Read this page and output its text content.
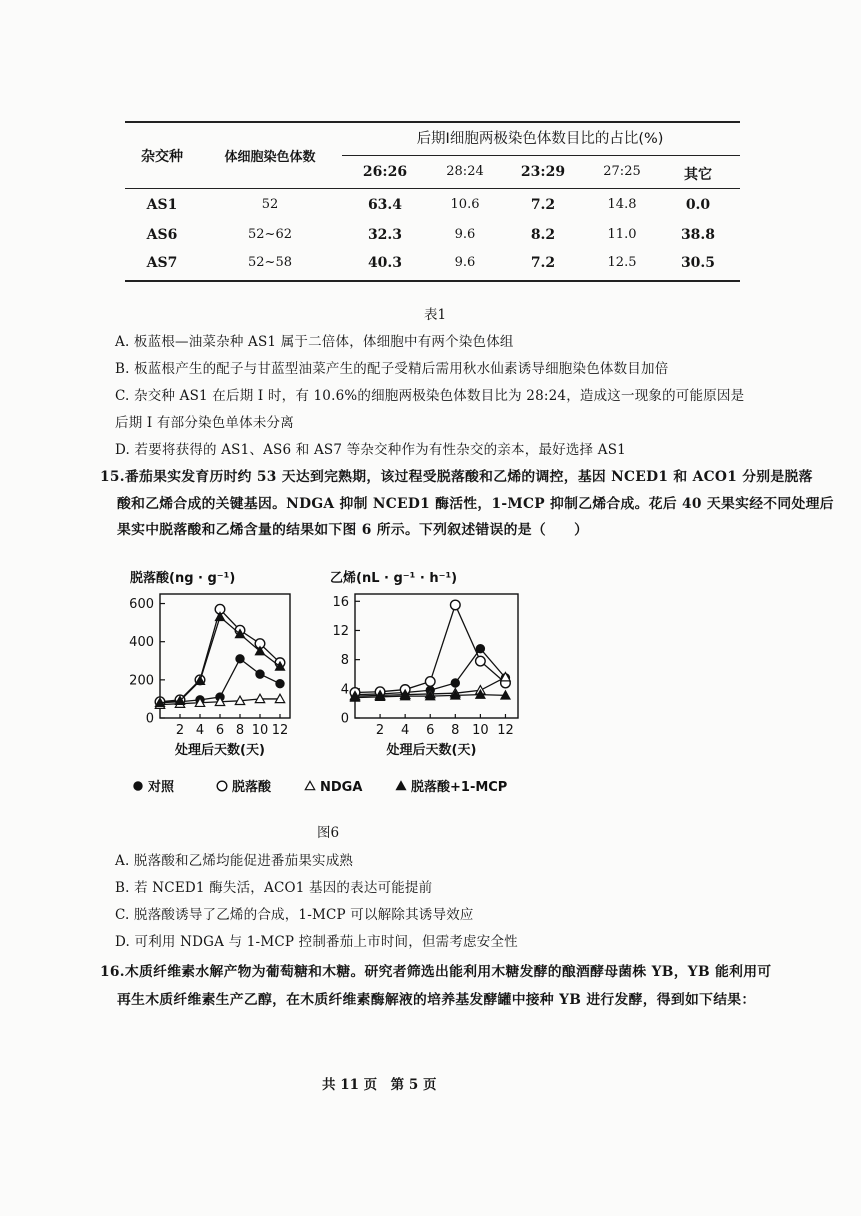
杂交种	体细胞染色体数
后期Ⅰ细胞两极染色体数目比的占比(%)
26:26	28:24	23:29	27:25	其它
AS1	52	63.4	10.6	7.2	14.8	0.0
AS6	52~62	32.3	9.6	8.2	11.0	38.8
AS7	52~58	40.3	9.6	7.2	12.5	30.5
表1
A. 板蓝根—油菜杂种 AS1 属于二倍体，体细胞中有两个染色体组
B. 板蓝根产生的配子与甘蓝型油菜产生的配子受精后需用秋水仙素诱导细胞染色体数目加倍
C. 杂交种 AS1 在后期 I 时，有 10.6%的细胞两极染色体数目比为 28:24，造成这一现象的可能原因是
后期 I 有部分染色单体未分离
D. 若要将获得的 AS1、AS6 和 AS7 等杂交种作为有性杂交的亲本，最好选择 AS1
15.番茄果实发育历时约 53 天达到完熟期，该过程受脱落酸和乙烯的调控，基因 NCED1 和 ACO1 分别是脱落
酸和乙烯合成的关键基因。NDGA 抑制 NCED1 酶活性，1-MCP 抑制乙烯合成。花后 40 天果实经不同处理后
果实中脱落酸和乙烯含量的结果如下图 6 所示。下列叙述错误的是（　　）
脱落酸(ng · g⁻¹)
0
200
400
600
2 4 6 8 10 12
处理后天数(天)
乙烯(nL · g⁻¹ · h⁻¹)
0
4
8
12
16
2 4 6 8 10 12
处理后天数(天)
对照	脱落酸	NDGA	脱落酸+1-MCP
图6
A. 脱落酸和乙烯均能促进番茄果实成熟
B. 若 NCED1 酶失活，ACO1 基因的表达可能提前
C. 脱落酸诱导了乙烯的合成，1-MCP 可以解除其诱导效应
D. 可利用 NDGA 与 1-MCP 控制番茄上市时间，但需考虑安全性
16.木质纤维素水解产物为葡萄糖和木糖。研究者筛选出能利用木糖发酵的酿酒酵母菌株 YB，YB 能利用可
再生木质纤维素生产乙醇，在木质纤维素酶解液的培养基发酵罐中接种 YB 进行发酵，得到如下结果：
共 11 页　第 5 页
